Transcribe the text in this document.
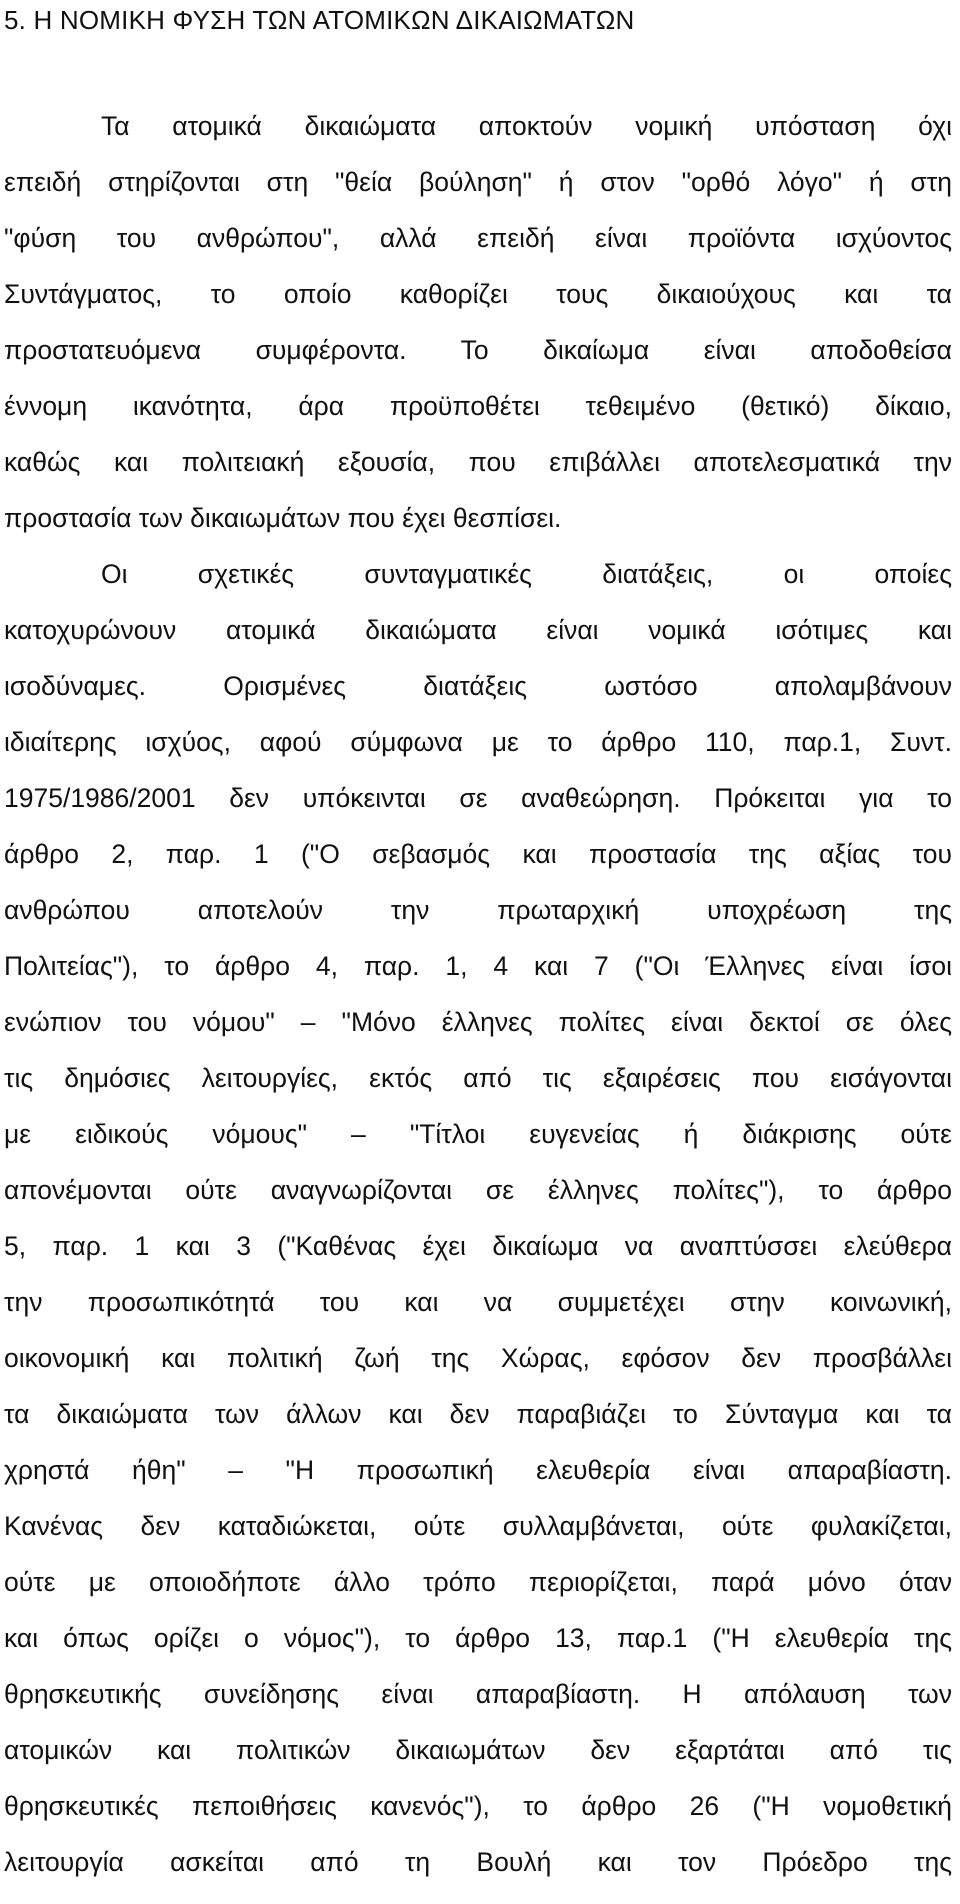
5. Η ΝΟΜΙΚΗ ΦΥΣΗ ΤΩΝ ΑΤΟΜΙΚΩΝ ΔΙΚΑΙΩΜΑΤΩΝ
Τα ατομικά δικαιώματα αποκτούν νομική υπόσταση όχι
επειδή στηρίζονται στη "θεία βούληση" ή στον "ορθό λόγο" ή στη
"φύση του ανθρώπου", αλλά επειδή είναι προϊόντα ισχύοντος
Συντάγματος, το οποίο καθορίζει τους δικαιούχους και τα
προστατευόμενα συμφέροντα. Το δικαίωμα είναι αποδοθείσα
έννομη ικανότητα, άρα προϋποθέτει τεθειμένο (θετικό) δίκαιο,
καθώς και πολιτειακή εξουσία, που επιβάλλει αποτελεσματικά την
προστασία των δικαιωμάτων που έχει θεσπίσει.
Οι σχετικές συνταγματικές διατάξεις, οι οποίες
κατοχυρώνουν ατομικά δικαιώματα είναι νομικά ισότιμες και
ισοδύναμες. Ορισμένες διατάξεις ωστόσο απολαμβάνουν
ιδιαίτερης ισχύος, αφού σύμφωνα με το άρθρο 110, παρ.1, Συντ.
1975/1986/2001 δεν υπόκεινται σε αναθεώρηση. Πρόκειται για το
άρθρο 2, παρ. 1 ("Ο σεβασμός και προστασία της αξίας του
ανθρώπου αποτελούν την πρωταρχική υποχρέωση της
Πολιτείας"), το άρθρο 4, παρ. 1, 4 και 7 ("Οι Έλληνες είναι ίσοι
ενώπιον του νόμου" – "Μόνο έλληνες πολίτες είναι δεκτοί σε όλες
τις δημόσιες λειτουργίες, εκτός από τις εξαιρέσεις που εισάγονται
με ειδικούς νόμους" – "Τίτλοι ευγενείας ή διάκρισης ούτε
απονέμονται ούτε αναγνωρίζονται σε έλληνες πολίτες"), το άρθρο
5, παρ. 1 και 3 ("Καθένας έχει δικαίωμα να αναπτύσσει ελεύθερα
την προσωπικότητά του και να συμμετέχει στην κοινωνική,
οικονομική και πολιτική ζωή της Χώρας, εφόσον δεν προσβάλλει
τα δικαιώματα των άλλων και δεν παραβιάζει το Σύνταγμα και τα
χρηστά ήθη" – "Η προσωπική ελευθερία είναι απαραβίαστη.
Κανένας δεν καταδιώκεται, ούτε συλλαμβάνεται, ούτε φυλακίζεται,
ούτε με οποιοδήποτε άλλο τρόπο περιορίζεται, παρά μόνο όταν
και όπως ορίζει ο νόμος"), το άρθρο 13, παρ.1 ("Η ελευθερία της
θρησκευτικής συνείδησης είναι απαραβίαστη. Η απόλαυση των
ατομικών και πολιτικών δικαιωμάτων δεν εξαρτάται από τις
θρησκευτικές πεποιθήσεις κανενός"), το άρθρο 26 ("Η νομοθετική
λειτουργία ασκείται από τη Βουλή και τον Πρόεδρο της
